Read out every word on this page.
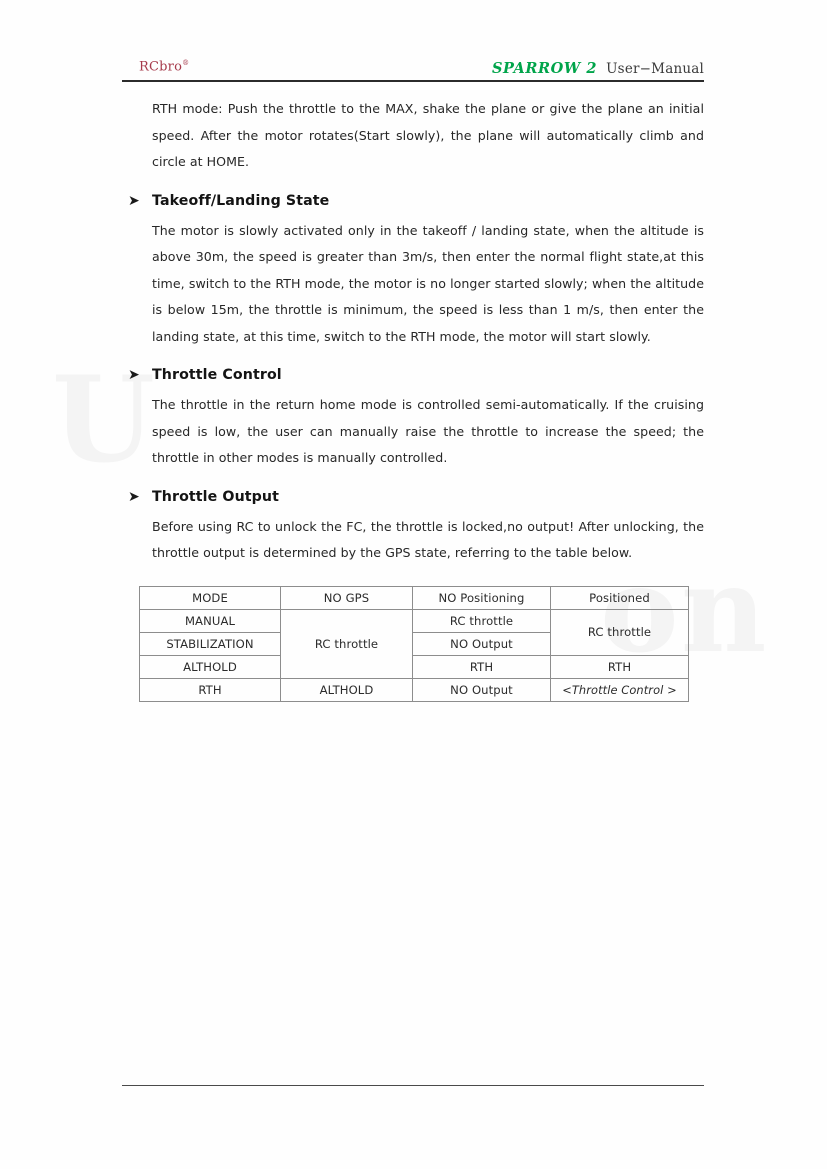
RCbro®	SPARROW 2 User−Manual

RTH mode: Push the throttle to the MAX, shake the plane or give the plane an initial speed. After the motor rotates(Start slowly), the plane will automatically climb and circle at HOME.

➤ Takeoff/Landing State

The motor is slowly activated only in the takeoff / landing state, when the altitude is above 30m, the speed is greater than 3m/s, then enter the normal flight state,at this time, switch to the RTH mode, the motor is no longer started slowly; when the altitude is below 15m, the throttle is minimum, the speed is less than 1 m/s, then enter the landing state, at this time, switch to the RTH mode, the motor will start slowly.

➤ Throttle Control

The throttle in the return home mode is controlled semi-automatically. If the cruising speed is low, the user can manually raise the throttle to increase the speed; the throttle in other modes is manually controlled.

➤ Throttle Output

Before using RC to unlock the FC, the throttle is locked,no output! After unlocking, the throttle output is determined by the GPS state, referring to the table below.

MODE	NO GPS	NO Positioning	Positioned
MANUAL	RC throttle	RC throttle	RC throttle
STABILIZATION		NO Output	
ALTHOLD		RTH	RTH
RTH	ALTHOLD	NO Output	<Throttle Control >
